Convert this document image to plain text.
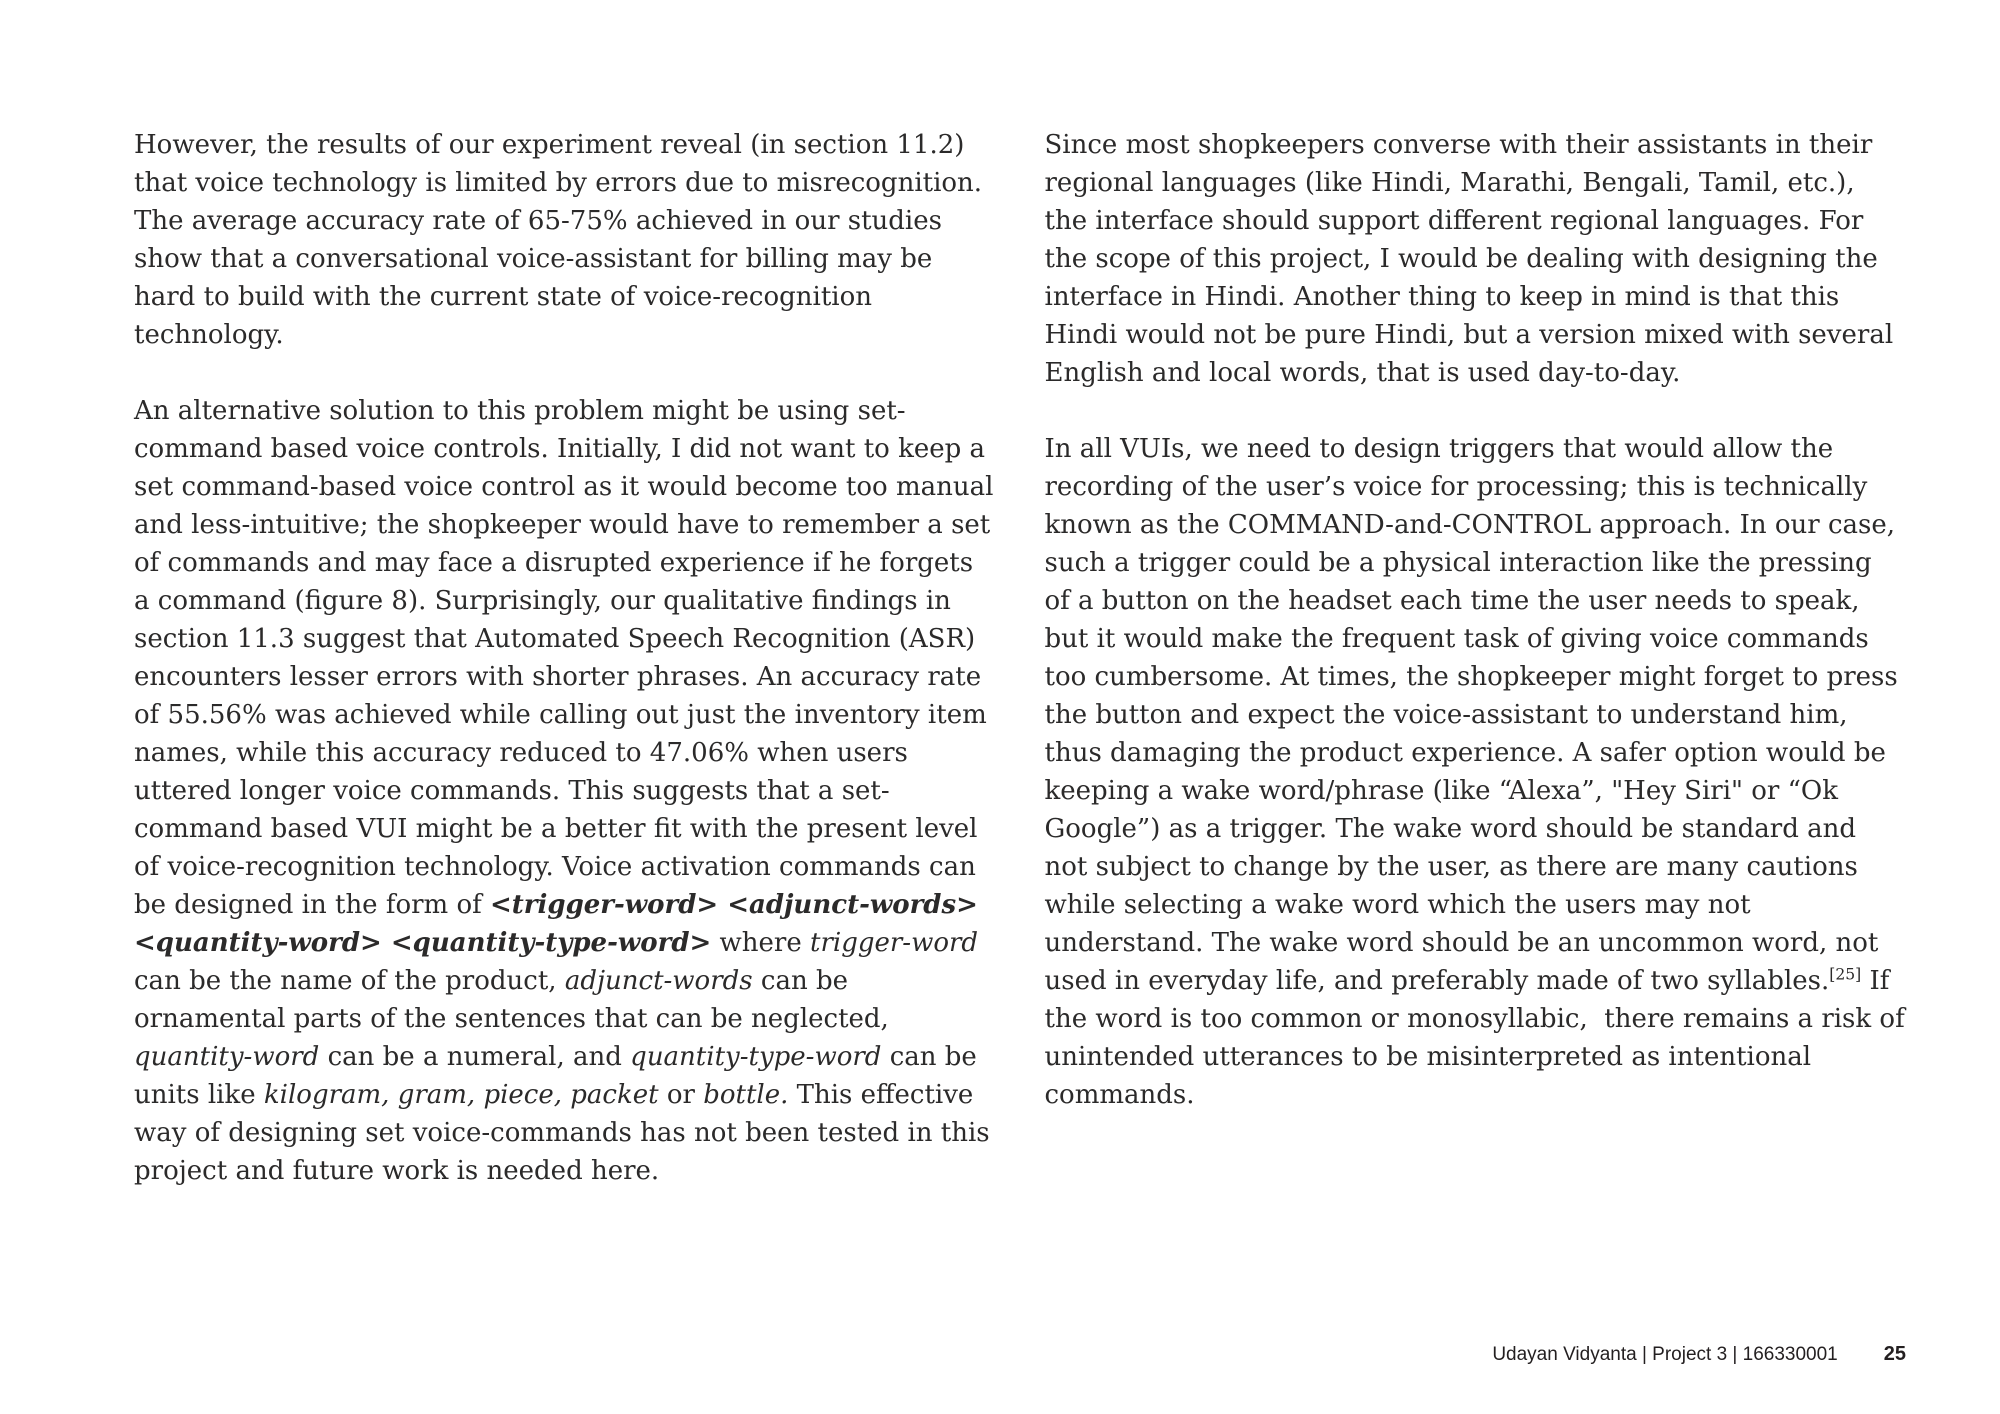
However, the results of our experiment reveal (in section 11.2) that voice technology is limited by errors due to misrecognition. The average accuracy rate of 65-75% achieved in our studies show that a conversational voice-assistant for billing may be hard to build with the current state of voice-recognition technology.

An alternative solution to this problem might be using set-command based voice controls. Initially, I did not want to keep a set command-based voice control as it would become too manual and less-intuitive; the shopkeeper would have to remember a set of commands and may face a disrupted experience if he forgets a command (figure 8). Surprisingly, our qualitative findings in section 11.3 suggest that Automated Speech Recognition (ASR) encounters lesser errors with shorter phrases. An accuracy rate of 55.56% was achieved while calling out just the inventory item names, while this accuracy reduced to 47.06% when users uttered longer voice commands. This suggests that a set-command based VUI might be a better fit with the present level of voice-recognition technology. Voice activation commands can be designed in the form of <trigger-word> <adjunct-words> <quantity-word> <quantity-type-word> where trigger-word can be the name of the product, adjunct-words can be ornamental parts of the sentences that can be neglected, quantity-word can be a numeral, and quantity-type-word can be units like kilogram, gram, piece, packet or bottle. This effective way of designing set voice-commands has not been tested in this project and future work is needed here.

Since most shopkeepers converse with their assistants in their regional languages (like Hindi, Marathi, Bengali, Tamil, etc.), the interface should support different regional languages. For the scope of this project, I would be dealing with designing the interface in Hindi. Another thing to keep in mind is that this Hindi would not be pure Hindi, but a version mixed with several English and local words, that is used day-to-day.

In all VUIs, we need to design triggers that would allow the recording of the user’s voice for processing; this is technically known as the COMMAND-and-CONTROL approach. In our case, such a trigger could be a physical interaction like the pressing of a button on the headset each time the user needs to speak, but it would make the frequent task of giving voice commands too cumbersome. At times, the shopkeeper might forget to press the button and expect the voice-assistant to understand him, thus damaging the product experience. A safer option would be keeping a wake word/phrase (like “Alexa”, "Hey Siri" or “Ok Google”) as a trigger. The wake word should be standard and not subject to change by the user, as there are many cautions while selecting a wake word which the users may not understand. The wake word should be an uncommon word, not used in everyday life, and preferably made of two syllables.[25] If the word is too common or monosyllabic,  there remains a risk of unintended utterances to be misinterpreted as intentional commands.

Udayan Vidyanta | Project 3 | 166330001 25
